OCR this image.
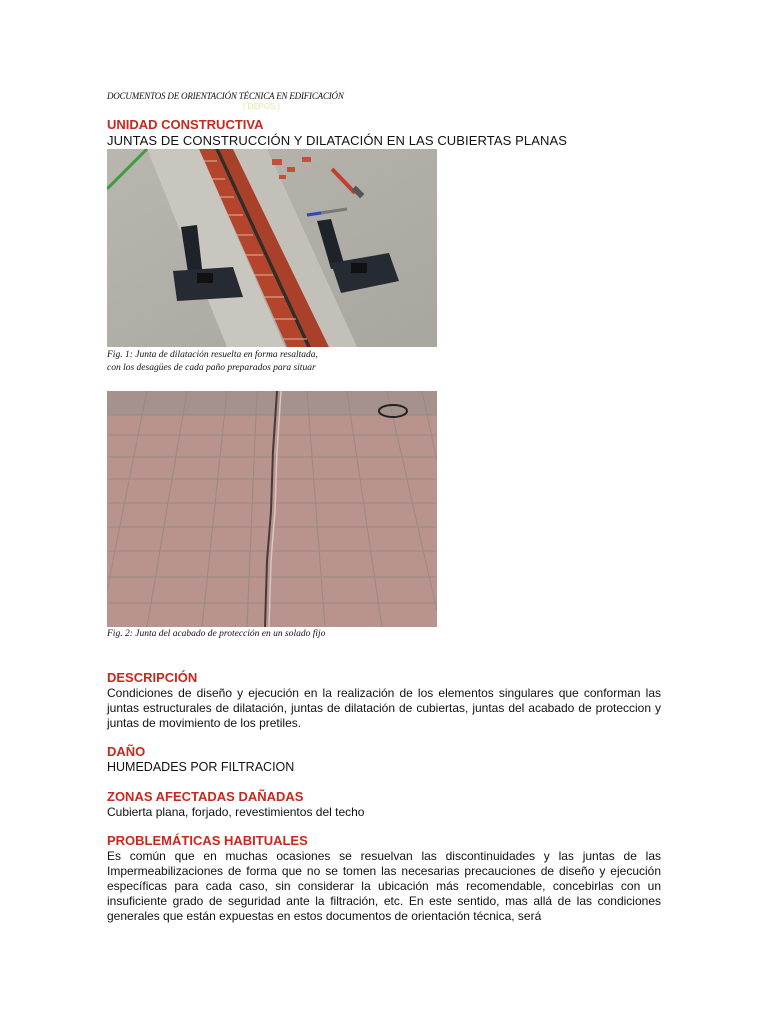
DOCUMENTOS DE ORIENTACIÓN TÉCNICA EN EDIFICACIÓN
[ DEPOS ]
UNIDAD CONSTRUCTIVA
JUNTAS DE CONSTRUCCIÓN Y DILATACIÓN EN LAS CUBIERTAS PLANAS
Fig. 1: Junta de dilatación resuelta en forma resaltada,
con los desagües de cada paño preparados para situar
Fig. 2: Junta del acabado de protección en un solado fijo
DESCRIPCIÓN
Condiciones de diseño y ejecución en la realización de los elementos singulares que conforman las juntas estructurales de dilatación, juntas de dilatación de cubiertas, juntas del acabado de proteccion y juntas de movimiento de los pretiles.
DAÑO
HUMEDADES POR FILTRACION
ZONAS AFECTADAS DAÑADAS
Cubierta plana, forjado, revestimientos del techo
PROBLEMÁTICAS HABITUALES
Es común que en muchas ocasiones se resuelvan las discontinuidades y las juntas de las Impermeabilizaciones de forma que no se tomen las necesarias precauciones de diseño y ejecución específicas para cada caso, sin considerar la ubicación más recomendable, concebirlas con un insuficiente grado de seguridad ante la filtración, etc. En este sentido, mas allá de las condiciones generales que están expuestas en estos documentos de orientación técnica, será
